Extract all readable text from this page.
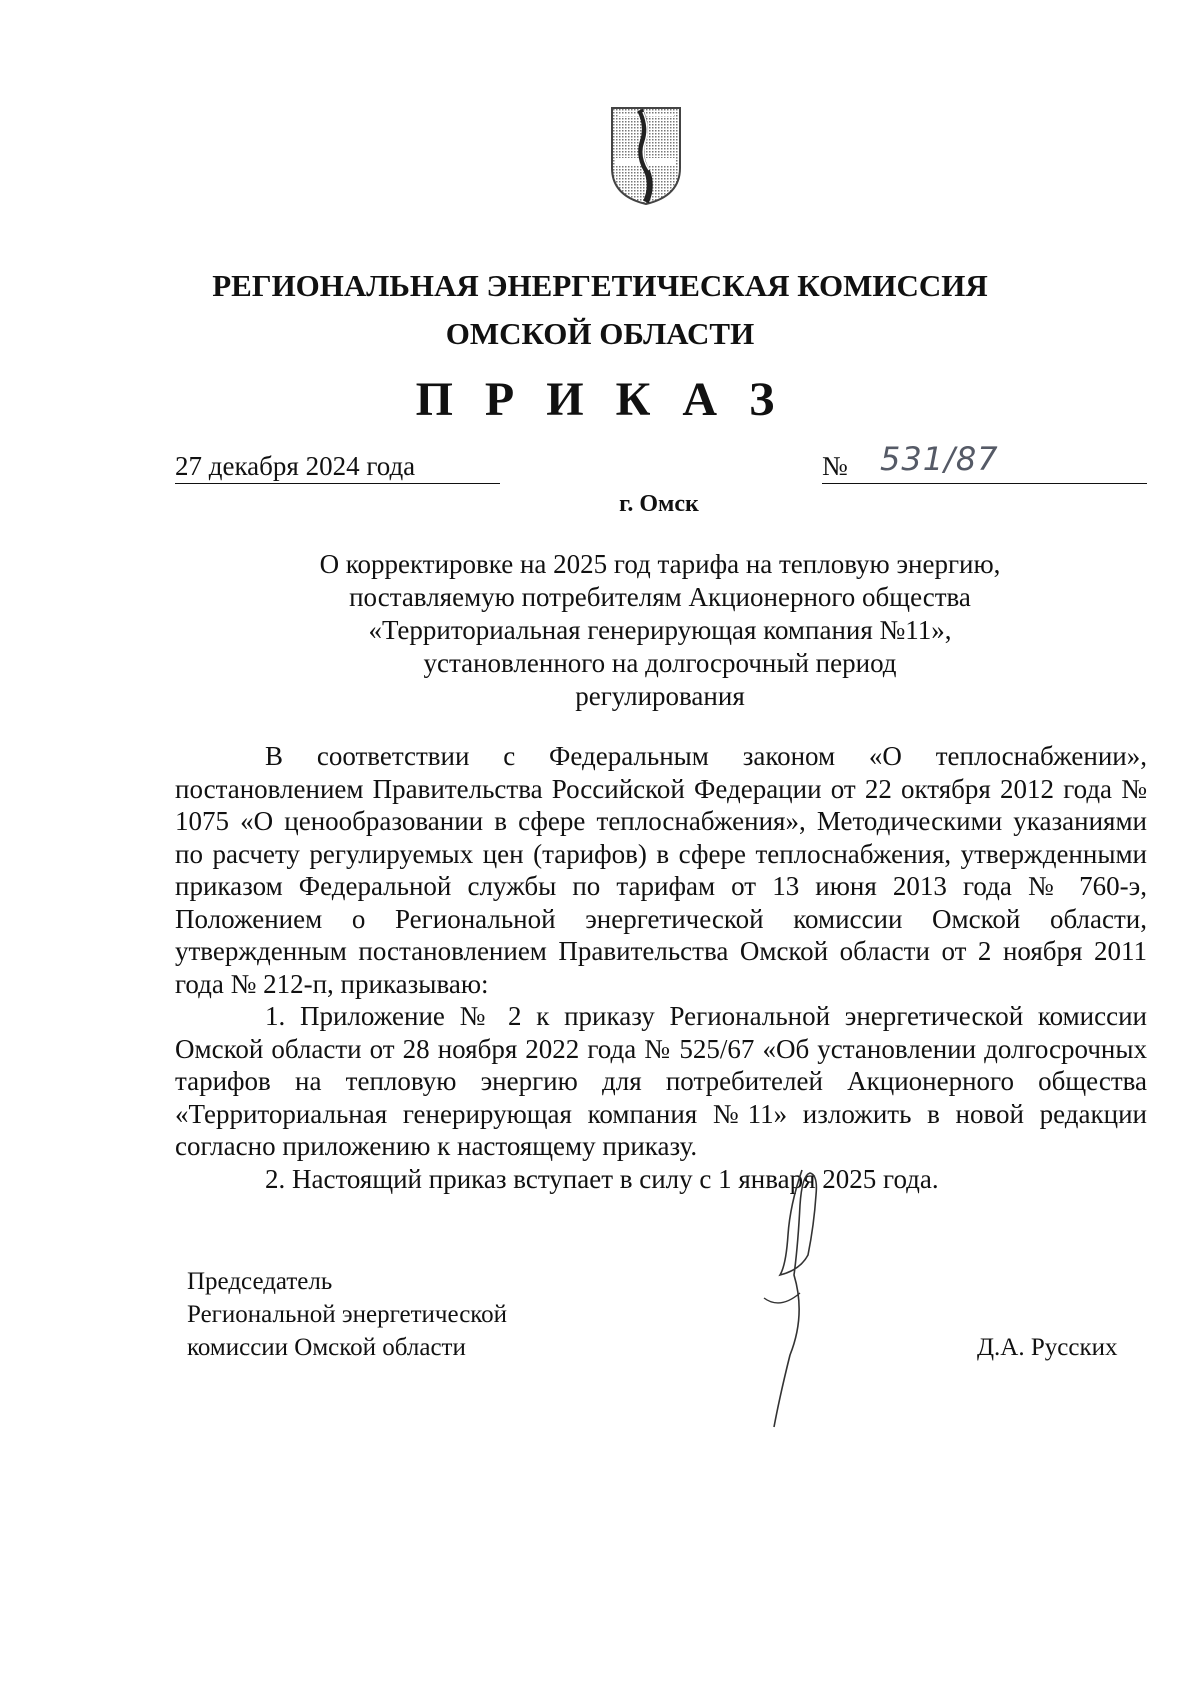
РЕГИОНАЛЬНАЯ ЭНЕРГЕТИЧЕСКАЯ КОМИССИЯ
ОМСКОЙ ОБЛАСТИ
П Р И К А З
27 декабря 2024 года	№ 531/87
г. Омск
О корректировке на 2025 год тарифа на тепловую энергию,
поставляемую потребителям Акционерного общества
«Территориальная генерирующая компания №11»,
установленного на долгосрочный период
регулирования

В соответствии с Федеральным законом «О теплоснабжении», постановлением Правительства Российской Федерации от 22 октября 2012 года № 1075 «О ценообразовании в сфере теплоснабжения», Методическими указаниями по расчету регулируемых цен (тарифов) в сфере теплоснабжения, утвержденными приказом Федеральной службы по тарифам от 13 июня 2013 года № 760-э, Положением о Региональной энергетической комиссии Омской области, утвержденным постановлением Правительства Омской области от 2 ноября 2011 года № 212-п, приказываю:

1. Приложение № 2 к приказу Региональной энергетической комиссии Омской области от 28 ноября 2022 года № 525/67 «Об установлении долгосрочных тарифов на тепловую энергию для потребителей Акционерного общества «Территориальная генерирующая компания №11» изложить в новой редакции согласно приложению к настоящему приказу.

2. Настоящий приказ вступает в силу с 1 января 2025 года.

Председатель
Региональной энергетической
комиссии Омской области	Д.А. Русских
